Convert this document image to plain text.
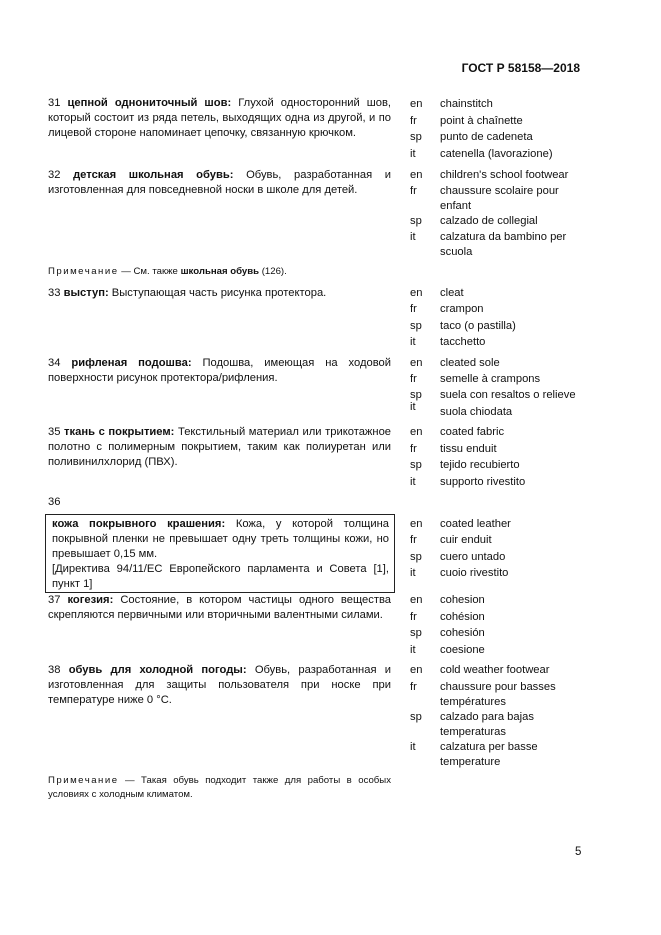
ГОСТ Р 58158—2018
31 цепной однониточный шов: Глухой односторонний шов, который состоит из ряда петель, выходящих одна из другой, и по лицевой стороне напоминает цепочку, связанную крючком.
en chainstitch
fr point à chaînette
sp punto de cadeneta
it catenella (lavorazione)
32 детская школьная обувь: Обувь, разработанная и изготовленная для повседневной носки в школе для детей.
en children's school footwear
fr chaussure scolaire pour enfant
sp calzado de collegial
it calzatura da bambino per scuola
Примечание — См. также школьная обувь (126).
33 выступ: Выступающая часть рисунка протектора.	en cleat
fr crampon
sp taco (o pastilla)
it tacchetto
34 рифленая подошва: Подошва, имеющая на ходовой поверхности рисунок протектора/рифления.
en cleated sole
fr semelle à crampons
sp suela con resaltos o relieve
it suola chiodata
35 ткань с покрытием: Текстильный материал или трикотажное полотно с полимерным покрытием, таким как полиуретан или поливинилхлорид (ПВХ).
en coated fabric
fr tissu enduit
sp tejido recubierto
it supporto rivestito
36
кожа покрывного крашения: Кожа, у которой толщина покрывной пленки не превышает одну треть толщины кожи, но превышает 0,15 мм.
[Директива 94/11/ЕС Европейского парламента и Совета [1], пункт 1]
en coated leather
fr cuir enduit
sp cuero untado
it cuoio rivestito
37 когезия: Состояние, в котором частицы одного вещества скрепляются первичными или вторичными валентными силами.
en cohesion
fr cohésion
sp cohesión
it coesione
38 обувь для холодной погоды: Обувь, разработанная и изготовленная для защиты пользователя при носке при температуре ниже 0 °С.
en cold weather footwear
fr chaussure pour basses températures
sp calzado para bajas temperaturas
it calzatura per basse temperature
Примечание — Такая обувь подходит также для работы в особых условиях с холодным климатом.
5
